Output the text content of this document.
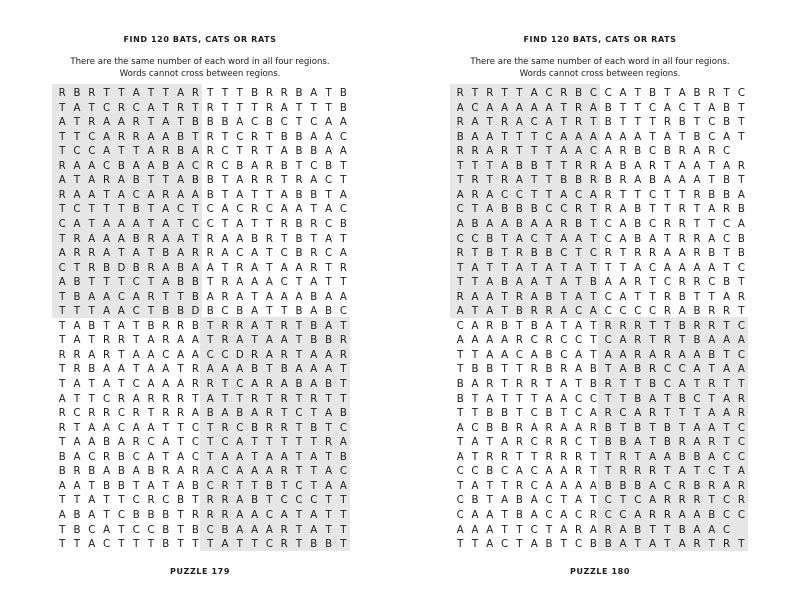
FIND 120 BATS, CATS OR RATS
There are the same number of each word in all four regions.
Words cannot cross between regions.
R B R T T A T T A R T T T B R R B A T B
T A T C R C A T R T R T T T R A T T T B
A T R A A R T A T B B B A C B C T C A A
T T C A R R A A B T R T C R T B B A A C
T C C A T T A R B A R C T R T A B B A A
R A A C B A A B A C R C B A R B T C B T
A T A R A B T T A B B T A R R T R A C T
R A A T A C A R A A B T A T T A B B T A
T C T T T B T A C T C A C R C A A T A C
C A T A A A T A T C C T A T T R B R C B
T R A A A B R A A T R A A B R T B T A T
A R R A T A T B A R R A C A T C B R C A
C T R B D B R A B A A T R A T A A R T R
A B T T T C T A B B T R A A A C T A T T
T B A A C A R T T B A R A T A A A B A A
T T T A A C T B B D B C B A T T B A B C
T A B T A T B R R B T R R A T R T B A T
T A T R R T A R A A T R A T A A T B B R
R R A R T A A C A A C C D R A R T A A R
T R B A A T A A T R A A A B T B A A A T
T A T A T C A A A R R T C A R A B A B T
A T T C R A R R R T A T T R T R T R T T
R C R R C R T R R A B A B A R T C T A B
R T A A C A A T T C T R C B R R T B T C
T A A B A R C A T C T C A T T T T T R A
B A C R B C A T A C T A A T A A T A T B
B R B A B A B R A R A C A A A R T T A C
A A T B B T A T A B C R T T B T C T A A
T T A T T C R C B T R R A B T C C C T T
A B A T C B B B T R R R A A C A T A T T
T B C A T C C B T B C B A A A R T A T T
T T A C T T T B T T T A T T C R T B B T
PUZZLE 179
FIND 120 BATS, CATS OR RATS
There are the same number of each word in all four regions.
Words cannot cross between regions.
R T R T T A C R B C C A T B T A B R T C
A C A A A A A T R A B T T C A C T A B T
R A T R A C A T R T B T T T R B T C B T
B A A T T T C A A A A A A T A T B C A T
R R A R T T T A A C A R B C B R A R C
T T T A B B T T R R A B A R T A A T A R
T R T R A T T B B R B R A B A A A T B T
A R A C C T T A C A R T T C T T R B B A
C T A B B B C C R T R A B T T R T A R B
A B A A B A A R B T C A B C R R T T C A
C C B T A C T A A T C A B A T R R A C B
R T B T R B B C T C R T R R A A R B T B
T A T T A T A T A T T T A C A A A A T C
T T A B A A T A T B A A R T C R R C B T
R A A T R A B T A T C A T T R B T T A R
A T A T B R R A C A C C C C R A B R R T
C A R B T B A T A T R R R T T B R R T C
A A A A R C R C C T C A R T R T B A A A
T T A A C A B C A T A A R A R A A B T C
T B B T T R B R A B T A B R C C A T A A
B A R T R R T A T B R T T B C A T R T T
B T A T T T A A C C T T B A T B C T A R
T T B B T C B T C A R C A R T T T A A R
A C B B R A R A A R B T B T B T A A T C
T A T A R C R R C T B B A T B R A R T C
A T R R T T R R R T T R T A A B B A C C
C C B C A C A A R T T R R R T A T C T A
T A T T R C A A A A B B B A C R B R A R
C B T A B A C T A T C T C A R R R T C R
C A A T B A C A C R C C A R R A A B C C
A A A T T C T A R A R A B T T B A A C
T T A C T A B T C B B A T A T A R T R T
PUZZLE 180
